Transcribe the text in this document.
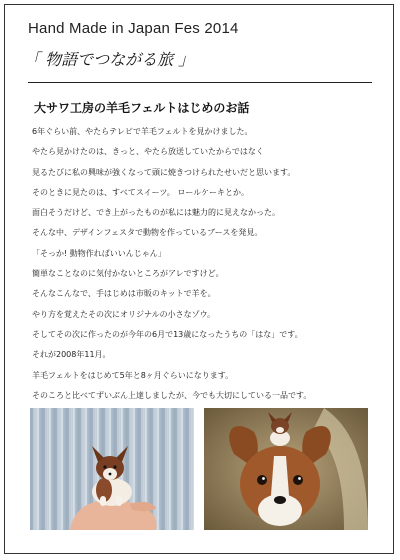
Hand Made in Japan Fes 2014
「 物語でつながる旅 」
大サワ工房の羊毛フェルトはじめのお話
6年ぐらい前、やたらテレビで羊毛フェルトを見かけました。
やたら見かけたのは、きっと、やたら放送していたからではなく
見るたびに私の興味が強くなって頭に焼きつけられたせいだと思います。
そのときに見たのは、すべてスイーツ。 ロールケーキとか。
面白そうだけど、でき上がったものが私には魅力的に見えなかった。
そんな中、デザインフェスタで動物を作っているブースを発見。
「そっか! 動物作ればいいんじゃん」
簡単なことなのに気付かないところがアレですけど。
そんなこんなで、手はじめは市販のキットで羊を。
やり方を覚えたその次にオリジナルの小さなゾウ。
そしてその次に作ったのが今年の6月で13歳になったうちの「はな」です。
それが2008年11月。
羊毛フェルトをはじめて5年と8ヶ月ぐらいになります。
そのころと比べてずいぶん上達しましたが、今でも大切にしている一品です。
